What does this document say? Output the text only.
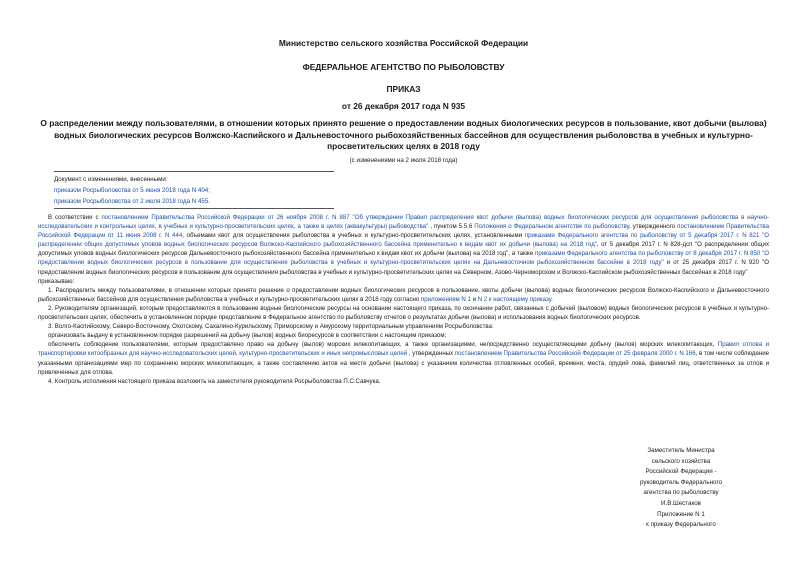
Министерство сельского хозяйства Российской Федерации
ФЕДЕРАЛЬНОЕ АГЕНТСТВО ПО РЫБОЛОВСТВУ
ПРИКАЗ
от 26 декабря 2017 года N 935
О распределении между пользователями, в отношении которых принято решение о предоставлении водных биологических ресурсов в пользование, квот добычи (вылова) водных биологических ресурсов Волжско-Каспийского и Дальневосточного рыбохозяйственных бассейнов для осуществления рыболовства в учебных и культурно-просветительских целях в 2018 году
(с изменениями на 2 июля 2018 года)
Документ с изменениями, внесенными:
приказом Росрыболовства от 5 июня 2018 года N 404;
приказом Росрыболовства от 2 июля 2018 года N 455.

В соответствии с постановлением Правительства Российской Федерации от 26 ноября 2008 г. N 887 "Об утверждении Правил распределения квот добычи (вылова) водных биологических ресурсов для осуществления рыболовства в научно-исследовательских и контрольных целях, в учебных и культурно-просветительских целях, а также в целях (аквакультуры) рыбоводства" , пунктом 5.5.6 Положения о Федеральном агентстве по рыболовству, утвержденного постановлением Правительства Российской Федерации от 11 июня 2008 г. N 444, объемами квот для осуществления рыболовства в учебных и культурно-просветительских целях, установленными приказами Федерального агентства по рыболовству от 5 декабря 2017 г. N 821 "О распределении общих допустимых уловов водных биологических ресурсов Волжско-Каспийского рыбохозяйственного бассейна применительно к видам квот их добычи (вылова) на 2018 год", от 5 декабря 2017 г. N 828-дсп "О распределении общих допустимых уловов водных биологических ресурсов Дальневосточного рыбохозяйственного бассейна применительно к видам квот их добычи (вылова) на 2018 год", а также приказами Федерального агентства по рыболовству от 8 декабря 2017 г. N 850 "О предоставлении водных биологических ресурсов в пользование для осуществления рыболовства в учебных и культурно-просветительских целях на Дальневосточном рыбохозяйственном бассейне в 2018 году" и от 25 декабря 2017 г. N 920 "О предоставлении водных биологических ресурсов в пользование для осуществления рыболовства в учебных и культурно-просветительских целях на Северном, Азово-Черноморском и Волжско-Каспийском рыбохозяйственных бассейнах в 2018 году"

приказываю:

1. Распределить между пользователями, в отношении которых принято решение о предоставлении водных биологических ресурсов в пользование, квоты добычи (вылова) водных биологических ресурсов Волжско-Каспийского и Дальневосточного рыбохозяйственных бассейнов для осуществления рыболовства в учебных и культурно-просветительских целях в 2018 году согласно приложениям N 1 и N 2 к настоящему приказу.

2. Руководителям организаций, которым предоставляются в пользование водные биологические ресурсы на основании настоящего приказа, по окончании работ, связанных с добычей (выловом) водных биологических ресурсов в учебных и культурно-просветительских целях, обеспечить в установленном порядке представление в Федеральное агентство по рыболовству отчетов о результатах добычи (вылова) и использования водных биологических ресурсов.

3. Волго-Каспийскому, Северо-Восточному, Охотскому, Сахалино-Курильскому, Приморскому и Амурскому территориальным управлениям Росрыболовства:

организовать выдачу в установленном порядке разрешений на добычу (вылов) водных биоресурсов в соответствии с настоящим приказом;

обеспечить соблюдение пользователями, которым предоставлено право на добычу (вылов) морских млекопитающих, а также организациями, непосредственно осуществляющими добычу (вылов) морских млекопитающих, Правил отлова и транспортировки китообразных для научно-исследовательских целей, культурно-просветительских и иных непромысловых целей , утвержденных постановлением Правительства Российской Федерации от 25 февраля 2000 г. N 166, в том числе соблюдение указанными организациями мер по сохранению морских млекопитающих, а также составлению актов на месте добычи (вылова) с указанием количества отловленных особей, времени, места, орудий лова, фамилий лиц, ответственных за отлов и привлеченных для отлова.

4. Контроль исполнения настоящего приказа возложить на заместителя руководителя Росрыболовства П.С.Савчука.

Заместитель Министра
сельского хозяйства
Российской Федерации -
руководитель Федерального
агентства по рыболовству
И.В.Шестаков
Приложение N 1
к приказу Федерального
